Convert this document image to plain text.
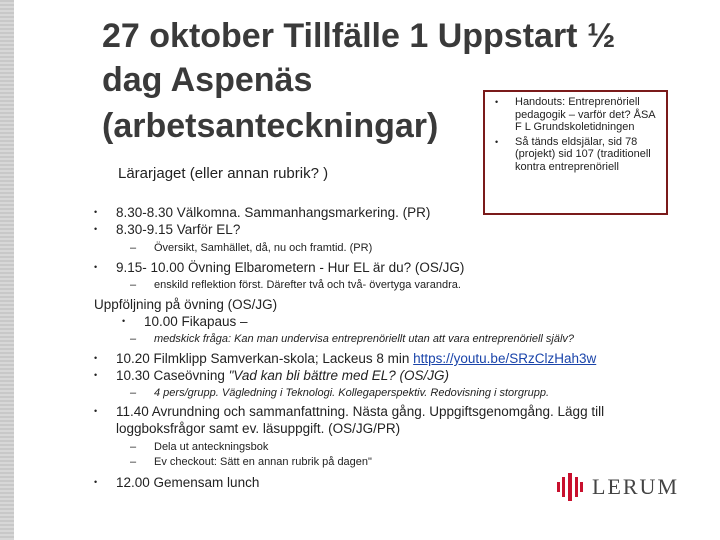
27 oktober Tillfälle 1 Uppstart ½
dag Aspenäs
(arbetsanteckningar)

Lärarjaget (eller annan rubrik? )

• Handouts: Entreprenöriell pedagogik – varför det? ÅSA F L Grundskoletidningen
• Så tänds eldsjälar, sid 78 (projekt) sid 107 (traditionell kontra entreprenöriell
• 8.30-8.30 Välkomna. Sammanhangsmarkering. (PR)
• 8.30-9.15 Varför EL?
– Översikt, Samhället, då, nu och framtid. (PR)
• 9.15- 10.00 Övning Elbarometern - Hur EL är du? (OS/JG)
– enskild reflektion först. Därefter två och två- övertyga varandra.
Uppföljning på övning (OS/JG)
• 10.00 Fikapaus –
– medskick fråga: Kan man undervisa entreprenöriellt utan att vara entreprenöriell själv?
• 10.20 Filmklipp Samverkan-skola; Lackeus 8 min https://youtu.be/SRzClzHah3w
• 10.30 Caseövning "Vad kan bli bättre med EL? (OS/JG)
– 4 pers/grupp. Vägledning i Teknologi. Kollegaperspektiv. Redovisning i storgrupp.
• 11.40 Avrundning och sammanfattning. Nästa gång. Uppgiftsgenomgång. Lägg till loggboksfrågor samt ev. läsuppgift. (OS/JG/PR)
– Dela ut anteckningsbok
– Ev checkout: Sätt en annan rubrik på dagen"
• 12.00 Gemensam lunch	LERUM
